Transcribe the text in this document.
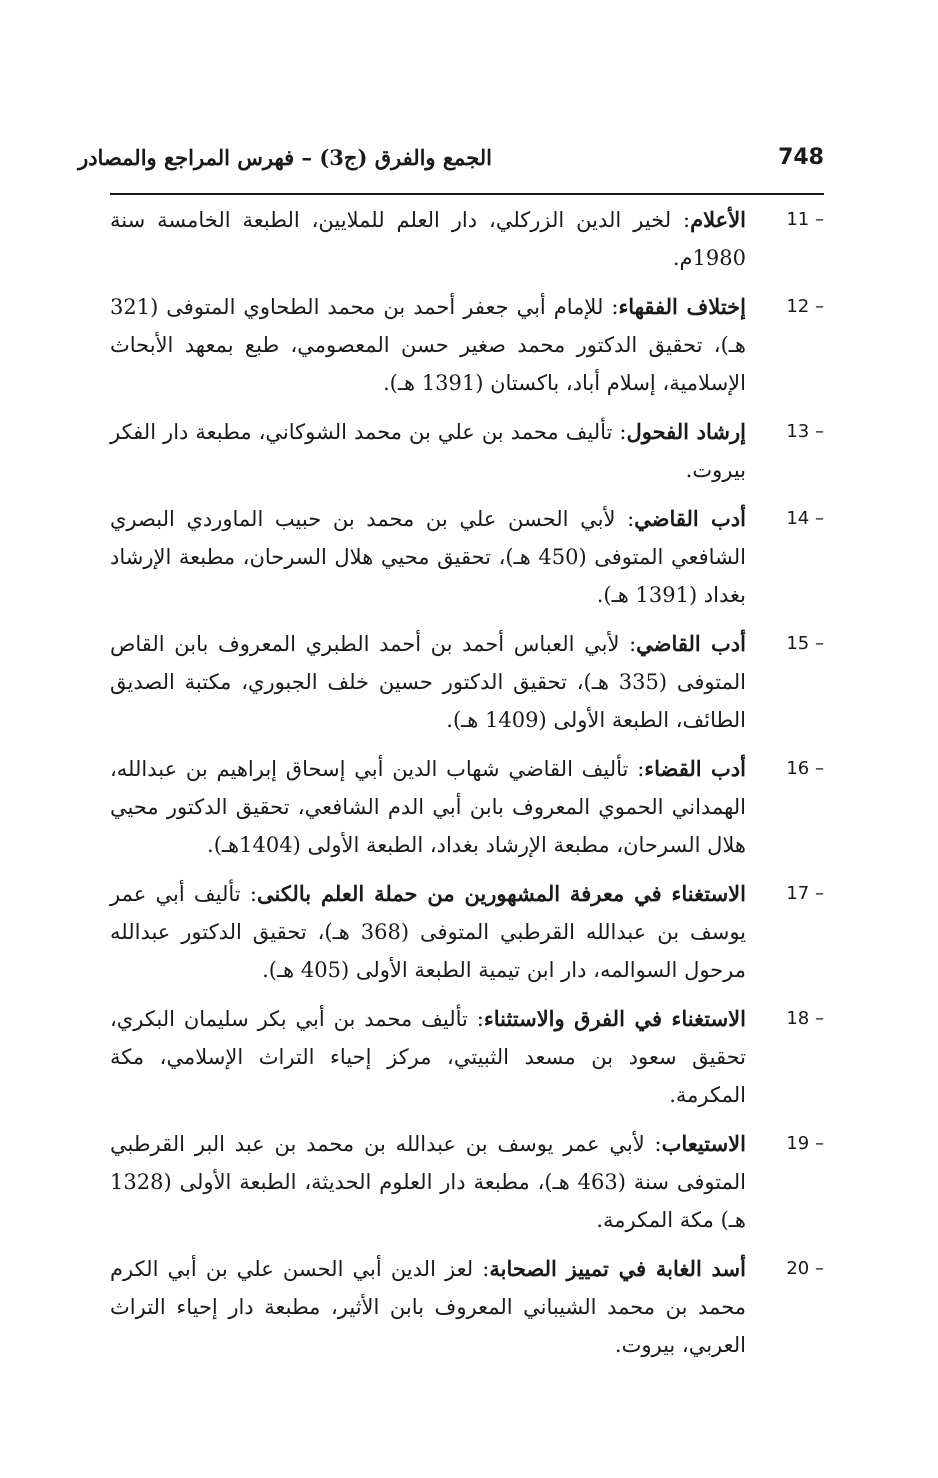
الجمع والفرق (ج3) – فهرس المراجع والمصادر	748
11 –
الأعلام : لخير الدين الزركلي، دار العلم للملايين، الطبعة الخامسة سنة 1980م.
12 –
إختلاف الفقهاء : للإمام أبي جعفر أحمد بن محمد الطحاوي المتوفى (321 هـ)، تحقيق الدكتور محمد صغير حسن المعصومي، طبع بمعهد الأبحاث الإسلامية، إسلام أباد، باكستان (1391 هـ).
13 –
إرشاد الفحول : تأليف محمد بن علي بن محمد الشوكاني، مطبعة دار الفكر بيروت.
14 –
أدب القاضي : لأبي الحسن علي بن محمد بن حبيب الماوردي البصري الشافعي المتوفى (450 هـ)، تحقيق محيي هلال السرحان، مطبعة الإرشاد بغداد (1391 هـ).
15 –
أدب القاضي : لأبي العباس أحمد بن أحمد الطبري المعروف بابن القاص المتوفى (335 هـ)، تحقيق الدكتور حسين خلف الجبوري، مكتبة الصديق الطائف، الطبعة الأولى (1409 هـ).
16 –
أدب القضاء : تأليف القاضي شهاب الدين أبي إسحاق إبراهيم بن عبدالله، الهمداني الحموي المعروف بابن أبي الدم الشافعي، تحقيق الدكتور محيي هلال السرحان، مطبعة الإرشاد بغداد، الطبعة الأولى (1404هـ).
17 –
الاستغناء في معرفة المشهورين من حملة العلم بالكنى : تأليف أبي عمر يوسف بن عبدالله القرطبي المتوفى (368 هـ)، تحقيق الدكتور عبدالله مرحول السوالمه، دار ابن تيمية الطبعة الأولى (405 هـ).
18 –
الاستغناء في الفرق والاستثناء : تأليف محمد بن أبي بكر سليمان البكري، تحقيق سعود بن مسعد الثبيتي، مركز إحياء التراث الإسلامي، مكة المكرمة.
19 –
الاستيعاب : لأبي عمر يوسف بن عبدالله بن محمد بن عبد البر القرطبي المتوفى سنة (463 هـ)، مطبعة دار العلوم الحديثة، الطبعة الأولى (1328 هـ) مكة المكرمة.
20 –
أسد الغابة في تمييز الصحابة : لعز الدين أبي الحسن علي بن أبي الكرم محمد بن محمد الشيباني المعروف بابن الأثير، مطبعة دار إحياء التراث العربي، بيروت.
